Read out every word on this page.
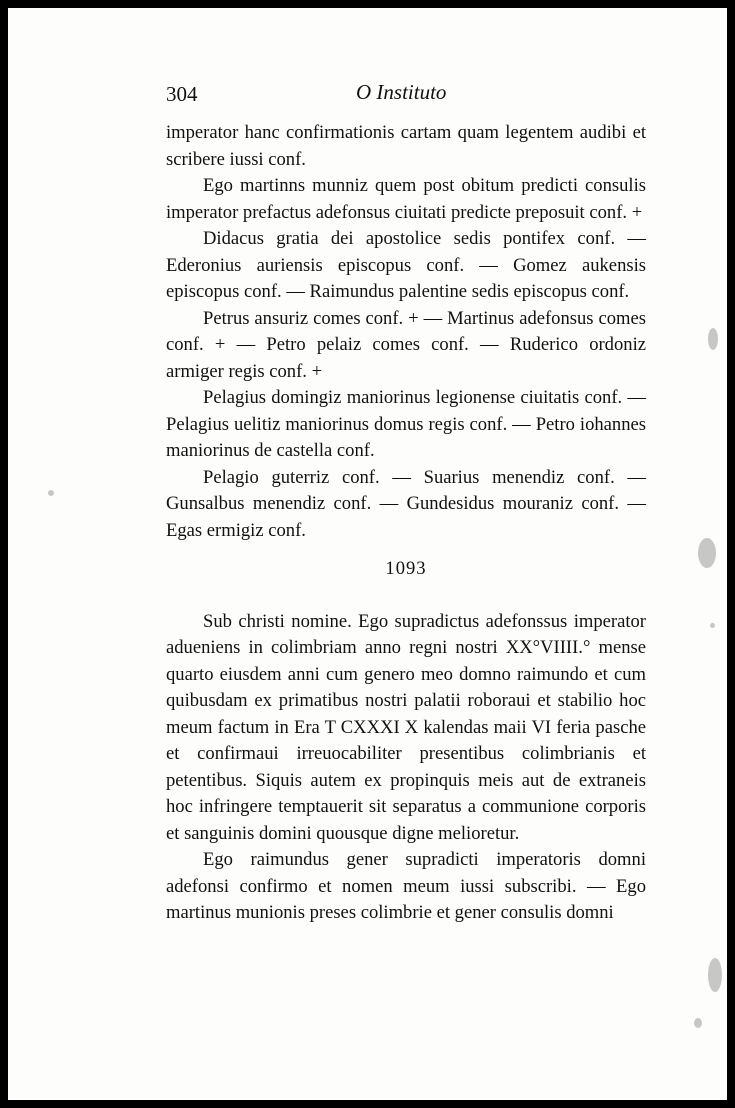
304	O Instituto

imperator hanc confirmationis cartam quam legentem audibi et scribere iussi conf.

Ego martinns munniz quem post obitum predicti consulis imperator prefactus adefonsus ciuitati predicte preposuit conf. +

Didacus gratia dei apostolice sedis pontifex conf. — Ederonius auriensis episcopus conf. — Gomez aukensis episcopus conf. — Raimundus palentine sedis episcopus conf.

Petrus ansuriz comes conf. + — Martinus adefonsus comes conf. + — Petro pelaiz comes conf. — Ruderico ordoniz armiger regis conf. +

Pelagius domingiz maniorinus legionense ciuitatis conf. — Pelagius uelitiz maniorinus domus regis conf. — Petro iohannes maniorinus de castella conf.

Pelagio guterriz conf. — Suarius menendiz conf. — Gunsalbus menendiz conf. — Gundesidus mouraniz conf. — Egas ermigiz conf.

1093

Sub christi nomine. Ego supradictus adefonssus imperator adueniens in colimbriam anno regni nostri XX°VIIII.° mense quarto eiusdem anni cum genero meo domno raimundo et cum quibusdam ex primatibus nostri palatii roboraui et stabilio hoc meum factum in Era T CXXXI X kalendas maii VI feria pasche et confirmaui irreuocabiliter presentibus colimbrianis et petentibus. Siquis autem ex propinquis meis aut de extraneis hoc infringere temptauerit sit separatus a communione corporis et sanguinis domini quousque digne melioretur.

Ego raimundus gener supradicti imperatoris domni adefonsi confirmo et nomen meum iussi subscribi. — Ego martinus munionis preses colimbrie et gener consulis domni
